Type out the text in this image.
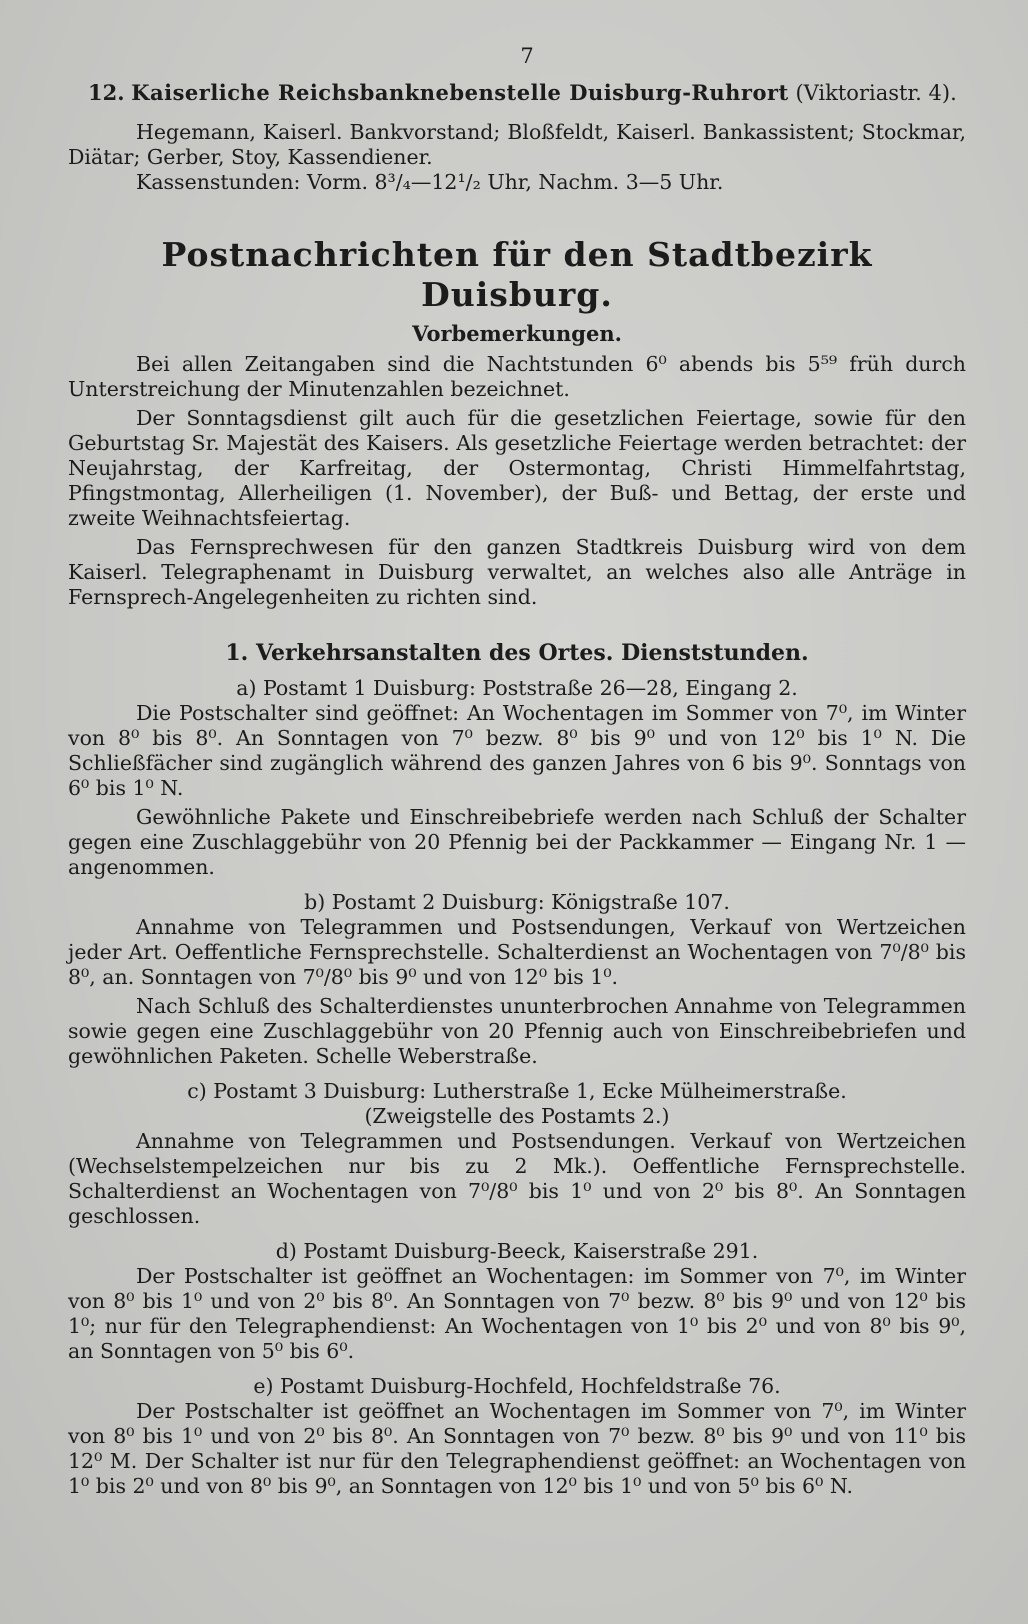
7

12. Kaiserliche Reichsbanknebenstelle Duisburg-Ruhrort (Viktoriastr. 4).

Hegemann, Kaiserl. Bankvorstand; Bloßfeldt, Kaiserl. Bankassistent; Stockmar, Diätar; Gerber, Stoy, Kassendiener.

Kassenstunden: Vorm. 8³/₄—12¹/₂ Uhr, Nachm. 3—5 Uhr.

Postnachrichten für den Stadtbezirk Duisburg.
Vorbemerkungen.

Bei allen Zeitangaben sind die Nachtstunden 6⁰ abends bis 5⁵⁹ früh durch Unterstreichung der Minutenzahlen bezeichnet.

Der Sonntagsdienst gilt auch für die gesetzlichen Feiertage, sowie für den Geburtstag Sr. Majestät des Kaisers. Als gesetzliche Feiertage werden betrachtet: der Neujahrstag, der Karfreitag, der Ostermontag, Christi Himmelfahrtstag, Pfingstmontag, Allerheiligen (1. November), der Buß- und Bettag, der erste und zweite Weihnachtsfeiertag.

Das Fernsprechwesen für den ganzen Stadtkreis Duisburg wird von dem Kaiserl. Telegraphenamt in Duisburg verwaltet, an welches also alle Anträge in Fernsprech-Angelegenheiten zu richten sind.

1. Verkehrsanstalten des Ortes. Dienststunden.
a) Postamt 1 Duisburg: Poststraße 26—28, Eingang 2.

Die Postschalter sind geöffnet: An Wochentagen im Sommer von 7⁰, im Winter von 8⁰ bis 8⁰. An Sonntagen von 7⁰ bezw. 8⁰ bis 9⁰ und von 12⁰ bis 1⁰ N. Die Schließfächer sind zugänglich während des ganzen Jahres von 6 bis 9⁰. Sonntags von 6⁰ bis 1⁰ N.

Gewöhnliche Pakete und Einschreibebriefe werden nach Schluß der Schalter gegen eine Zuschlaggebühr von 20 Pfennig bei der Packkammer — Eingang Nr. 1 — angenommen.

b) Postamt 2 Duisburg: Königstraße 107.

Annahme von Telegrammen und Postsendungen, Verkauf von Wertzeichen jeder Art. Oeffentliche Fernsprechstelle. Schalterdienst an Wochentagen von 7⁰/8⁰ bis 8⁰, an. Sonntagen von 7⁰/8⁰ bis 9⁰ und von 12⁰ bis 1⁰.

Nach Schluß des Schalterdienstes ununterbrochen Annahme von Telegrammen sowie gegen eine Zuschlaggebühr von 20 Pfennig auch von Einschreibebriefen und gewöhnlichen Paketen. Schelle Weberstraße.

c) Postamt 3 Duisburg: Lutherstraße 1, Ecke Mülheimerstraße.
(Zweigstelle des Postamts 2.)

Annahme von Telegrammen und Postsendungen. Verkauf von Wertzeichen (Wechselstempelzeichen nur bis zu 2 Mk.). Oeffentliche Fernsprechstelle. Schalterdienst an Wochentagen von 7⁰/8⁰ bis 1⁰ und von 2⁰ bis 8⁰. An Sonntagen geschlossen.

d) Postamt Duisburg-Beeck, Kaiserstraße 291.

Der Postschalter ist geöffnet an Wochentagen: im Sommer von 7⁰, im Winter von 8⁰ bis 1⁰ und von 2⁰ bis 8⁰. An Sonntagen von 7⁰ bezw. 8⁰ bis 9⁰ und von 12⁰ bis 1⁰; nur für den Telegraphendienst: An Wochentagen von 1⁰ bis 2⁰ und von 8⁰ bis 9⁰, an Sonntagen von 5⁰ bis 6⁰.

e) Postamt Duisburg-Hochfeld, Hochfeldstraße 76.

Der Postschalter ist geöffnet an Wochentagen im Sommer von 7⁰, im Winter von 8⁰ bis 1⁰ und von 2⁰ bis 8⁰. An Sonntagen von 7⁰ bezw. 8⁰ bis 9⁰ und von 11⁰ bis 12⁰ M. Der Schalter ist nur für den Telegraphendienst geöffnet: an Wochentagen von 1⁰ bis 2⁰ und von 8⁰ bis 9⁰, an Sonntagen von 12⁰ bis 1⁰ und von 5⁰ bis 6⁰ N.
